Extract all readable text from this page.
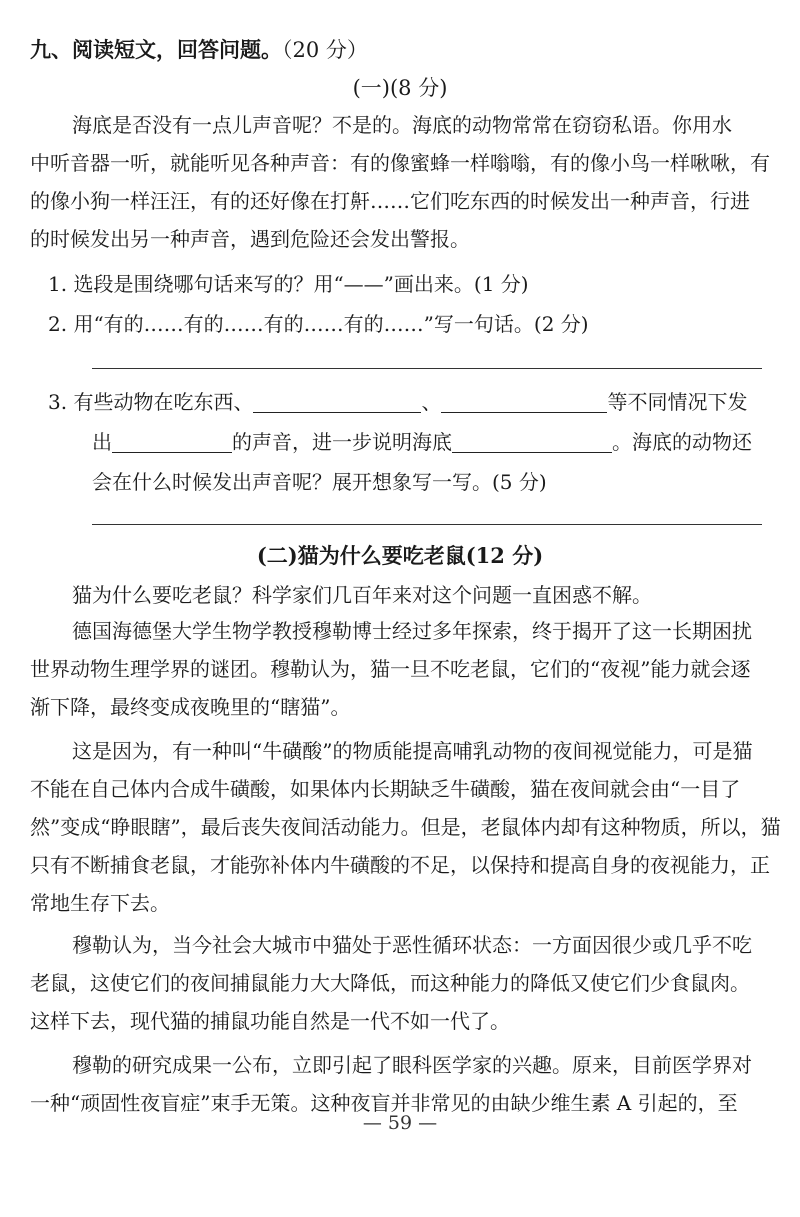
九、阅读短文，回答问题。（20 分）

(一)(8 分)

海底是否没有一点儿声音呢？不是的。海底的动物常常在窃窃私语。你用水
中听音器一听，就能听见各种声音：有的像蜜蜂一样嗡嗡，有的像小鸟一样啾啾，有
的像小狗一样汪汪，有的还好像在打鼾……它们吃东西的时候发出一种声音，行进
的时候发出另一种声音，遇到危险还会发出警报。

1. 选段是围绕哪句话来写的？用“——”画出来。(1 分)

2. 用“有的……有的……有的……有的……”写一句话。(2 分)

3. 有些动物在吃东西、	、	等不同情况下发

出	的声音，进一步说明海底	。海底的动物还

会在什么时候发出声音呢？展开想象写一写。(5 分)

(二)猫为什么要吃老鼠(12 分)

猫为什么要吃老鼠？科学家们几百年来对这个问题一直困惑不解。
德国海德堡大学生物学教授穆勒博士经过多年探索，终于揭开了这一长期困扰
世界动物生理学界的谜团。穆勒认为，猫一旦不吃老鼠，它们的“夜视”能力就会逐
渐下降，最终变成夜晚里的“瞎猫”。
这是因为，有一种叫“牛磺酸”的物质能提高哺乳动物的夜间视觉能力，可是猫
不能在自己体内合成牛磺酸，如果体内长期缺乏牛磺酸，猫在夜间就会由“一目了
然”变成“睁眼瞎”，最后丧失夜间活动能力。但是，老鼠体内却有这种物质，所以，猫
只有不断捕食老鼠，才能弥补体内牛磺酸的不足，以保持和提高自身的夜视能力，正
常地生存下去。
穆勒认为，当今社会大城市中猫处于恶性循环状态：一方面因很少或几乎不吃
老鼠，这使它们的夜间捕鼠能力大大降低，而这种能力的降低又使它们少食鼠肉。
这样下去，现代猫的捕鼠功能自然是一代不如一代了。
穆勒的研究成果一公布，立即引起了眼科医学家的兴趣。原来，目前医学界对
一种“顽固性夜盲症”束手无策。这种夜盲并非常见的由缺少维生素 A 引起的，至

— 59 —
